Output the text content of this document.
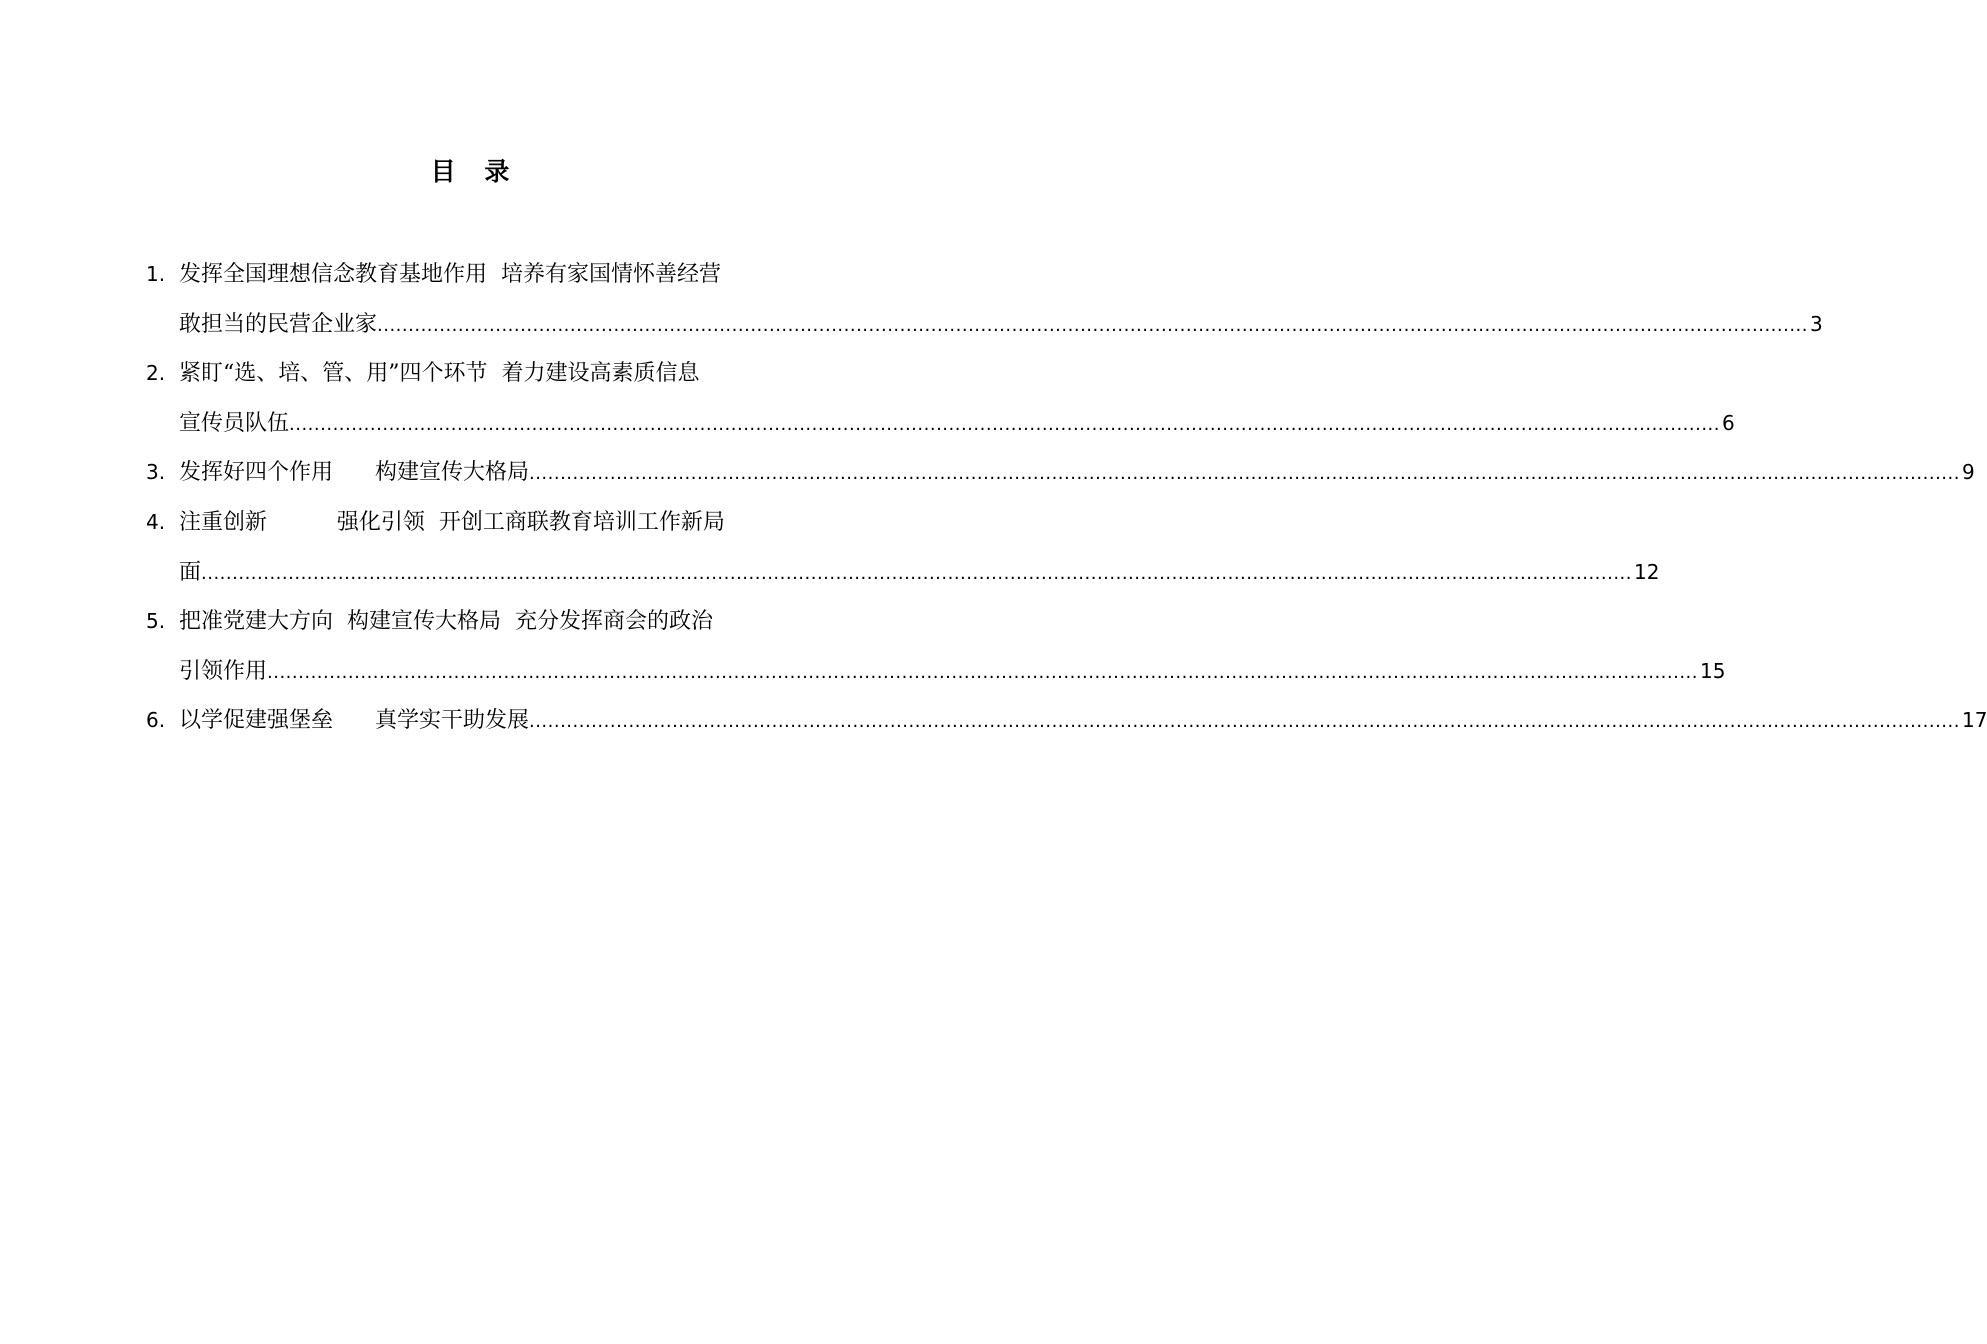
目 录
1. 发挥全国理想信念教育基地作用  培养有家国情怀善经营
敢担当的民营企业家 .....	3
2. 紧盯“选、培、管、用”四个环节  着力建设高素质信息
宣传员队伍 .....	6
3. 发挥好四个作用      构建宣传大格局 .....	9
4. 注重创新          强化引领  开创工商联教育培训工作新局
面 .....	12
5. 把准党建大方向  构建宣传大格局  充分发挥商会的政治
引领作用 .....	15
6. 以学促建强堡垒      真学实干助发展 .....	17
